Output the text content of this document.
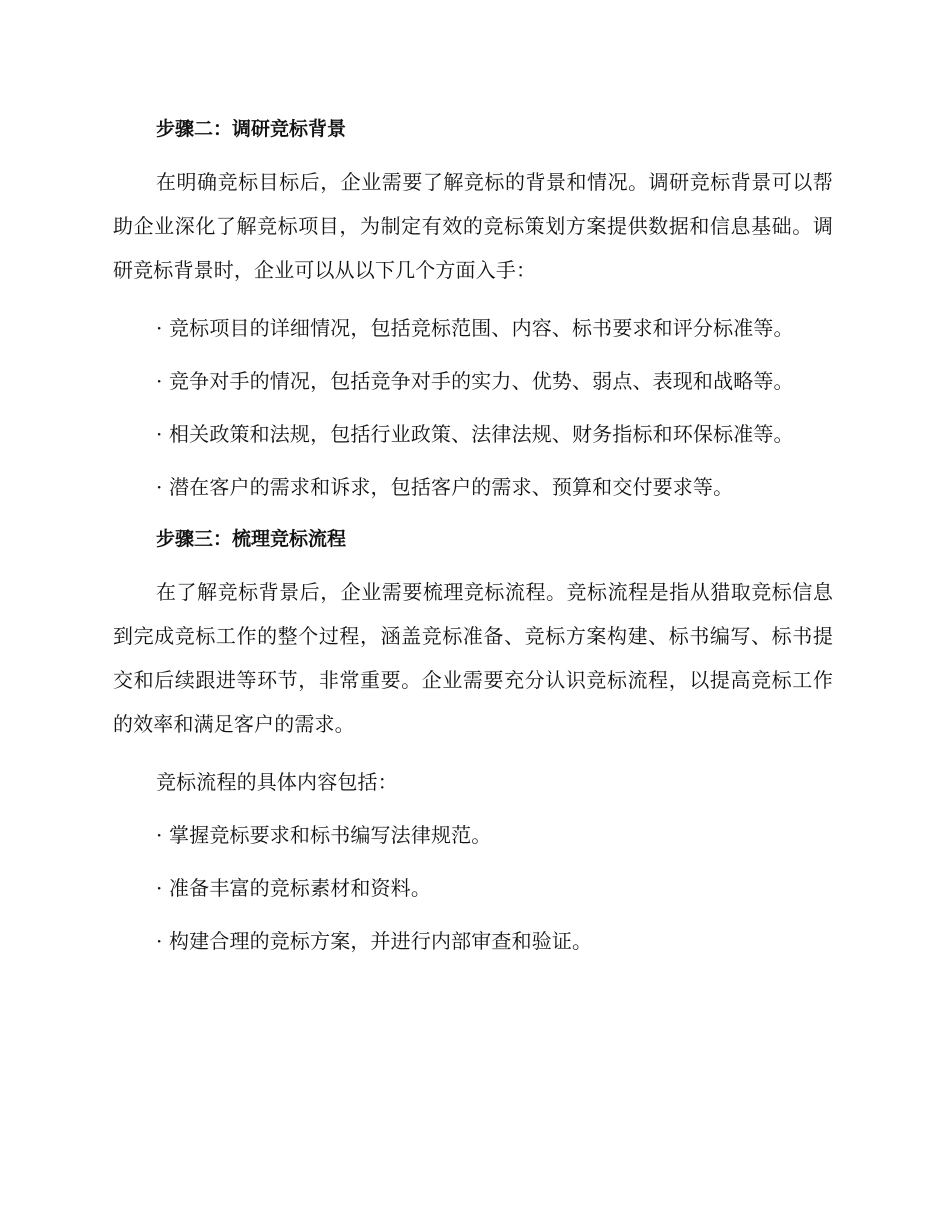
步骤二：调研竞标背景

在明确竞标目标后，企业需要了解竞标的背景和情况。调研竞标背景可以帮助企业深化了解竞标项目，为制定有效的竞标策划方案提供数据和信息基础。调研竞标背景时，企业可以从以下几个方面入手：

· 竞标项目的详细情况，包括竞标范围、内容、标书要求和评分标准等。

· 竞争对手的情况，包括竞争对手的实力、优势、弱点、表现和战略等。

· 相关政策和法规，包括行业政策、法律法规、财务指标和环保标准等。

· 潜在客户的需求和诉求，包括客户的需求、预算和交付要求等。

步骤三：梳理竞标流程

在了解竞标背景后，企业需要梳理竞标流程。竞标流程是指从猎取竞标信息到完成竞标工作的整个过程，涵盖竞标准备、竞标方案构建、标书编写、标书提交和后续跟进等环节，非常重要。企业需要充分认识竞标流程，以提高竞标工作的效率和满足客户的需求。

竞标流程的具体内容包括：

· 掌握竞标要求和标书编写法律规范。

· 准备丰富的竞标素材和资料。

· 构建合理的竞标方案，并进行内部审查和验证。
